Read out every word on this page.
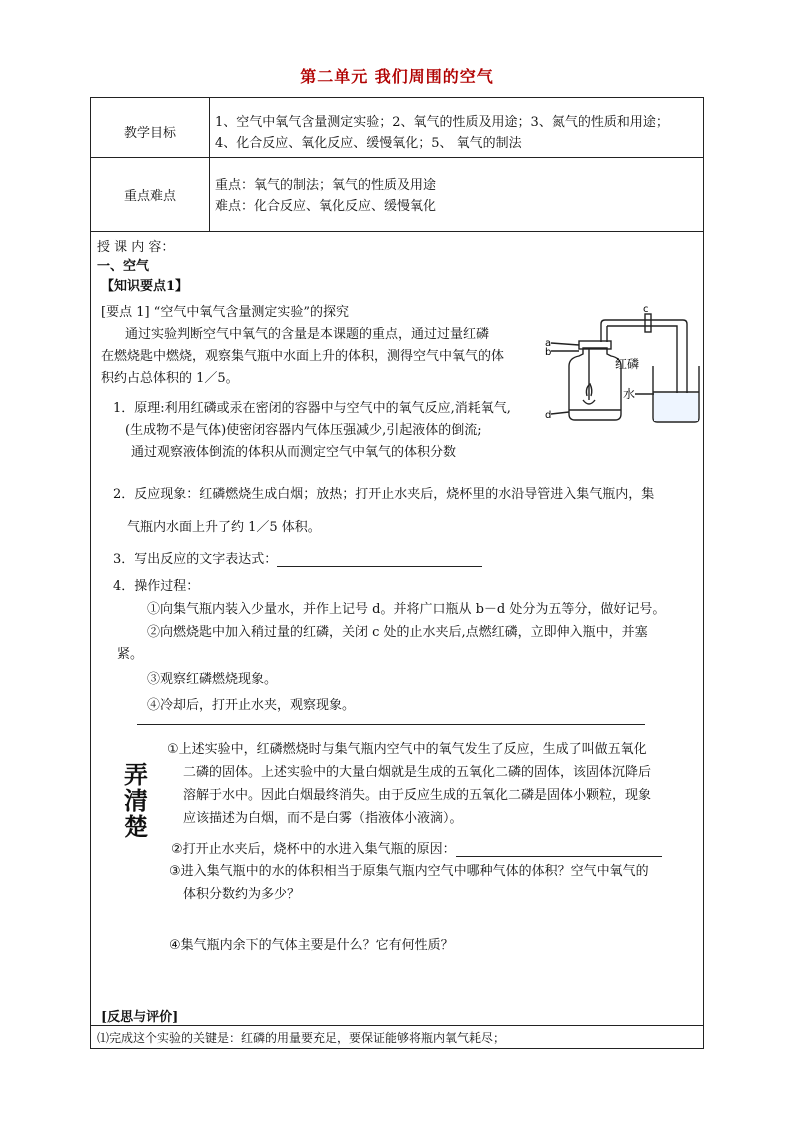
第二单元 我们周围的空气
教学目标
1、空气中氧气含量测定实验；2、氧气的性质及用途；3、氮气的性质和用途；
4、化合反应、氧化反应、缓慢氧化；5、 氧气的制法
重点难点
重点：氧气的制法；氧气的性质及用途
难点：化合反应、氧化反应、缓慢氧化
授 课 内 容：
一、空气
【知识要点1】
[要点 1] “空气中氧气含量测定实验”的探究
通过实验判断空气中氧气的含量是本课题的重点，通过过量红磷
在燃烧匙中燃烧，观察集气瓶中水面上升的体积，测得空气中氧气的体
积约占总体积的 1／5。
a
b
c
d
红磷
水
1．原理:利用红磷或汞在密闭的容器中与空气中的氧气反应,消耗氧气,
(生成物不是气体)使密闭容器内气体压强减少,引起液体的倒流;
通过观察液体倒流的体积从而测定空气中氧气的体积分数
2．反应现象：红磷燃烧生成白烟；放热；打开止水夹后，烧杯里的水沿导管进入集气瓶内，集
气瓶内水面上升了约 1／5 体积。
3．写出反应的文字表达式：
4．操作过程：
①向集气瓶内装入少量水，并作上记号 d。并将广口瓶从 b－d 处分为五等分，做好记号。
②向燃烧匙中加入稍过量的红磷，关闭 c 处的止水夹后,点燃红磷，立即伸入瓶中，并塞
紧。
③观察红磷燃烧现象。
④冷却后，打开止水夹，观察现象。
弄
清
楚
①上述实验中，红磷燃烧时与集气瓶内空气中的氧气发生了反应，生成了叫做五氧化
二磷的固体。上述实验中的大量白烟就是生成的五氧化二磷的固体，该固体沉降后
溶解于水中。因此白烟最终消失。由于反应生成的五氧化二磷是固体小颗粒，现象
应该描述为白烟，而不是白雾（指液体小液滴）。
②打开止水夹后，烧杯中的水进入集气瓶的原因：
③进入集气瓶中的水的体积相当于原集气瓶内空气中哪种气体的体积？空气中氧气的
体积分数约为多少？
④集气瓶内余下的气体主要是什么？它有何性质？
[反思与评价]
⑴完成这个实验的关键是：红磷的用量要充足，要保证能够将瓶内氧气耗尽；
